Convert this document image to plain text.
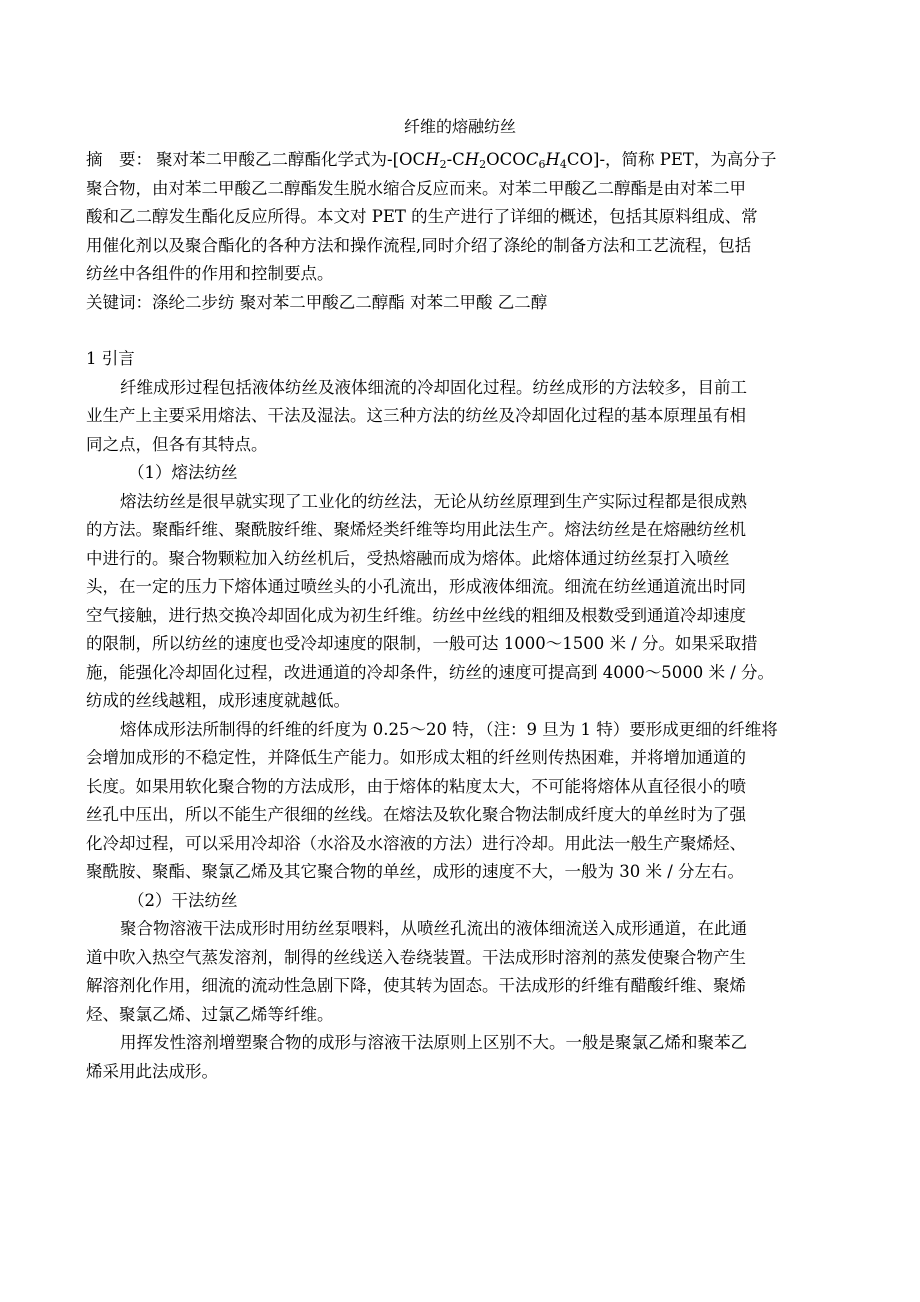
纤维的熔融纺丝
摘  要： 聚对苯二甲酸乙二醇酯化学式为$-[OCH_2-CH_2OCOC_6H_4CO]-$，简称 PET，为高分子
聚合物，由对苯二甲酸乙二醇酯发生脱水缩合反应而来。对苯二甲酸乙二醇酯是由对苯二甲
酸和乙二醇发生酯化反应所得。本文对 PET 的生产进行了详细的概述，包括其原料组成、常
用催化剂以及聚合酯化的各种方法和操作流程,同时介绍了涤纶的制备方法和工艺流程，包括
纺丝中各组件的作用和控制要点。
关键词：涤纶二步纺 聚对苯二甲酸乙二醇酯 对苯二甲酸 乙二醇
1 引言
纤维成形过程包括液体纺丝及液体细流的冷却固化过程。纺丝成形的方法较多，目前工
业生产上主要采用熔法、干法及湿法。这三种方法的纺丝及冷却固化过程的基本原理虽有相
同之点，但各有其特点。
（1）熔法纺丝
熔法纺丝是很早就实现了工业化的纺丝法，无论从纺丝原理到生产实际过程都是很成熟
的方法。聚酯纤维、聚酰胺纤维、聚烯烃类纤维等均用此法生产。熔法纺丝是在熔融纺丝机
中进行的。聚合物颗粒加入纺丝机后，受热熔融而成为熔体。此熔体通过纺丝泵打入喷丝
头，在一定的压力下熔体通过喷丝头的小孔流出，形成液体细流。细流在纺丝通道流出时同
空气接触，进行热交换冷却固化成为初生纤维。纺丝中丝线的粗细及根数受到通道冷却速度
的限制，所以纺丝的速度也受冷却速度的限制，一般可达 1000～1500 米 / 分。如果采取措
施，能强化冷却固化过程，改进通道的冷却条件，纺丝的速度可提高到 4000～5000 米 / 分。
纺成的丝线越粗，成形速度就越低。
熔体成形法所制得的纤维的纤度为 0.25～20 特，（注：9 旦为 1 特）要形成更细的纤维将
会增加成形的不稳定性，并降低生产能力。如形成太粗的纤丝则传热困难，并将增加通道的
长度。如果用软化聚合物的方法成形，由于熔体的粘度太大，不可能将熔体从直径很小的喷
丝孔中压出，所以不能生产很细的丝线。在熔法及软化聚合物法制成纤度大的单丝时为了强
化冷却过程，可以采用冷却浴（水浴及水溶液的方法）进行冷却。用此法一般生产聚烯烃、
聚酰胺、聚酯、聚氯乙烯及其它聚合物的单丝，成形的速度不大，一般为 30 米 / 分左右。
（2）干法纺丝
聚合物溶液干法成形时用纺丝泵喂料，从喷丝孔流出的液体细流送入成形通道，在此通
道中吹入热空气蒸发溶剂，制得的丝线送入卷绕装置。干法成形时溶剂的蒸发使聚合物产生
解溶剂化作用，细流的流动性急剧下降，使其转为固态。干法成形的纤维有醋酸纤维、聚烯
烃、聚氯乙烯、过氯乙烯等纤维。
用挥发性溶剂增塑聚合物的成形与溶液干法原则上区别不大。一般是聚氯乙烯和聚苯乙
烯采用此法成形。
